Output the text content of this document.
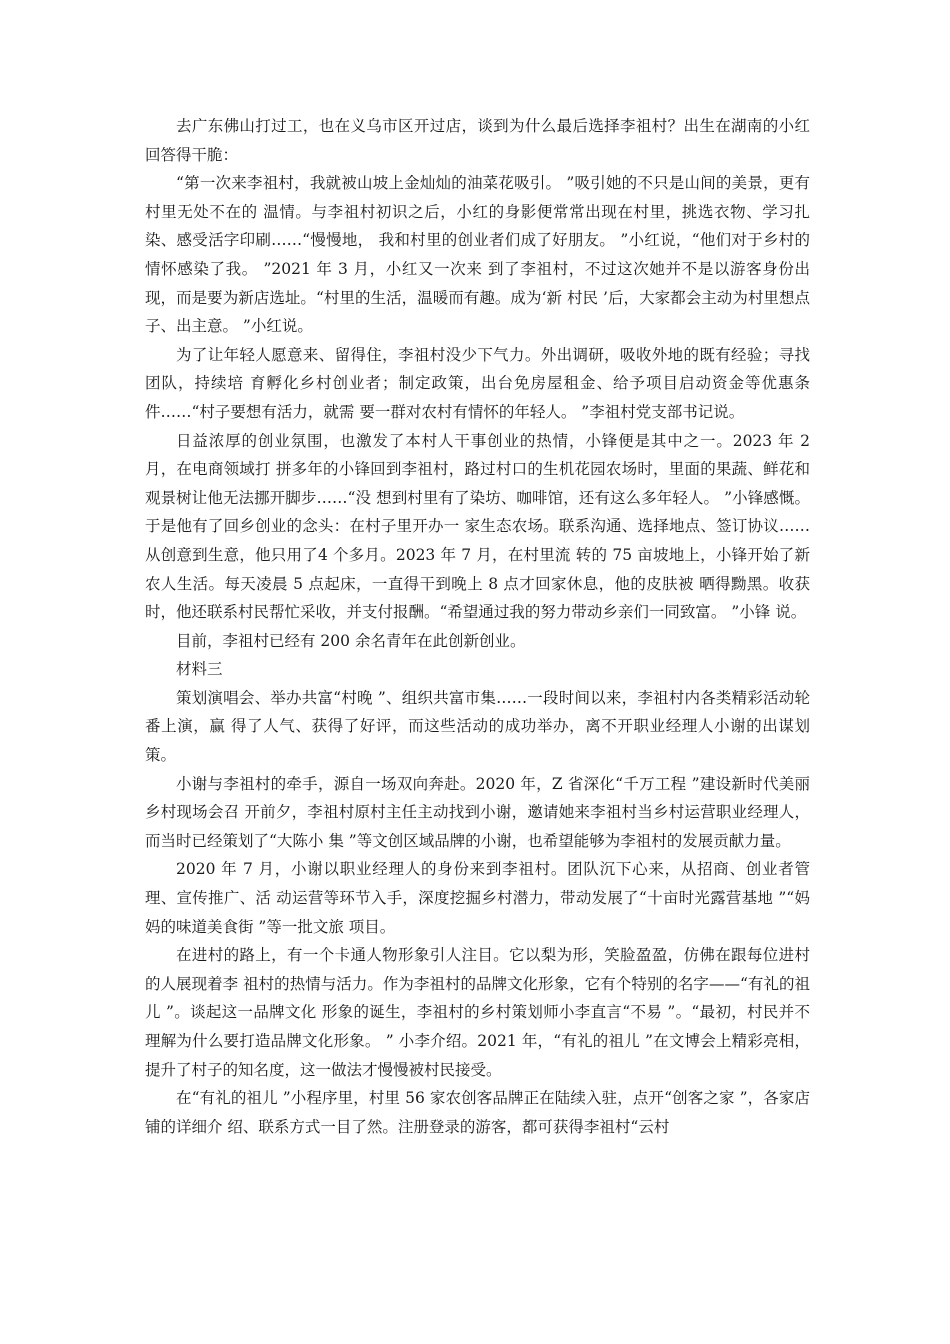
去广东佛山打过工，也在义乌市区开过店，谈到为什么最后选择李祖村？出生在湖南的小红回答得干脆：

“第一次来李祖村，我就被山坡上金灿灿的油菜花吸引。 ”吸引她的不只是山间的美景，更有村里无处不在的 温情。与李祖村初识之后，小红的身影便常常出现在村里，挑选衣物、学习扎染、感受活字印刷……“慢慢地， 我和村里的创业者们成了好朋友。 ”小红说，“他们对于乡村的情怀感染了我。 ”2021 年 3 月，小红又一次来 到了李祖村，不过这次她并不是以游客身份出现，而是要为新店选址。“村里的生活，温暖而有趣。成为‘新 村民 ’后，大家都会主动为村里想点子、出主意。 ”小红说。

为了让年轻人愿意来、留得住，李祖村没少下气力。外出调研，吸收外地的既有经验；寻找团队，持续培 育孵化乡村创业者；制定政策，出台免房屋租金、给予项目启动资金等优惠条件……“村子要想有活力，就需 要一群对农村有情怀的年轻人。 ”李祖村党支部书记说。

日益浓厚的创业氛围，也激发了本村人干事创业的热情，小锋便是其中之一。2023 年 2 月，在电商领域打 拼多年的小锋回到李祖村，路过村口的生机花园农场时，里面的果蔬、鲜花和观景树让他无法挪开脚步……“没 想到村里有了染坊、咖啡馆，还有这么多年轻人。 ”小锋感慨。于是他有了回乡创业的念头：在村子里开办一 家生态农场。联系沟通、选择地点、签订协议……从创意到生意，他只用了4 个多月。2023 年 7 月，在村里流 转的 75 亩坡地上，小锋开始了新农人生活。每天凌晨 5 点起床，一直得干到晚上 8 点才回家休息，他的皮肤被 晒得黝黑。收获时，他还联系村民帮忙采收，并支付报酬。“希望通过我的努力带动乡亲们一同致富。 ”小锋 说。

目前，李祖村已经有 200 余名青年在此创新创业。

材料三

策划演唱会、举办共富“村晚 ”、组织共富市集……一段时间以来，李祖村内各类精彩活动轮番上演，赢 得了人气、获得了好评，而这些活动的成功举办，离不开职业经理人小谢的出谋划策。

小谢与李祖村的牵手，源自一场双向奔赴。2020 年，Z 省深化“千万工程 ”建设新时代美丽乡村现场会召 开前夕，李祖村原村主任主动找到小谢，邀请她来李祖村当乡村运营职业经理人，而当时已经策划了“大陈小 集 ”等文创区域品牌的小谢，也希望能够为李祖村的发展贡献力量。

2020 年 7 月，小谢以职业经理人的身份来到李祖村。团队沉下心来，从招商、创业者管理、宣传推广、活 动运营等环节入手，深度挖掘乡村潜力，带动发展了“十亩时光露营基地 ”“妈妈的味道美食街 ”等一批文旅 项目。

在进村的路上，有一个卡通人物形象引人注目。它以梨为形，笑脸盈盈，仿佛在跟每位进村的人展现着李 祖村的热情与活力。作为李祖村的品牌文化形象，它有个特别的名字——“有礼的祖儿 ”。谈起这一品牌文化 形象的诞生，李祖村的乡村策划师小李直言“不易 ”。“最初，村民并不理解为什么要打造品牌文化形象。 ” 小李介绍。2021 年，“有礼的祖儿 ”在文博会上精彩亮相，提升了村子的知名度，这一做法才慢慢被村民接受。

在“有礼的祖儿 ”小程序里，村里 56 家农创客品牌正在陆续入驻，点开“创客之家 ”，各家店铺的详细介 绍、联系方式一目了然。注册登录的游客，都可获得李祖村“云村
